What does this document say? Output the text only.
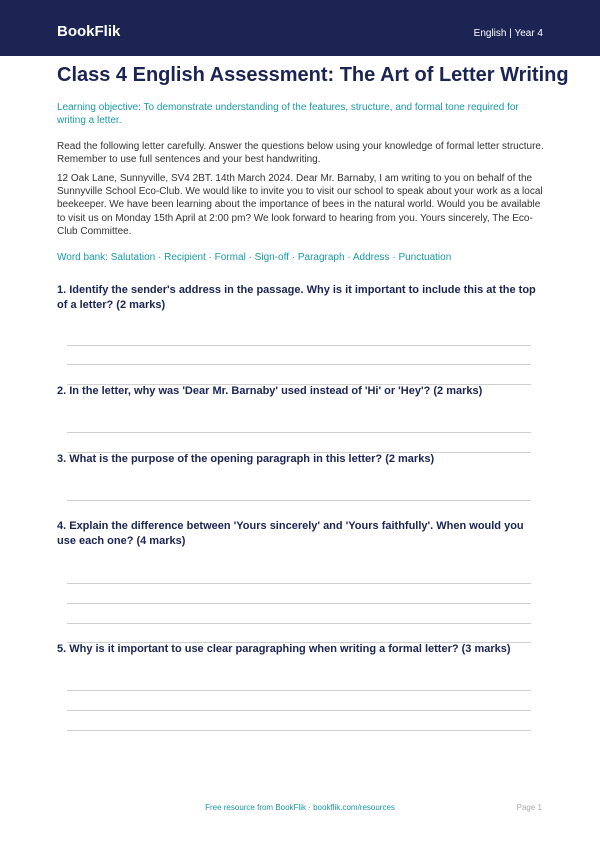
BookFlik	English | Year 4
Class 4 English Assessment: The Art of Letter Writing
Learning objective: To demonstrate understanding of the features, structure, and formal tone required for writing a letter.
Read the following letter carefully. Answer the questions below using your knowledge of formal letter structure. Remember to use full sentences and your best handwriting.
12 Oak Lane, Sunnyville, SV4 2BT. 14th March 2024. Dear Mr. Barnaby, I am writing to you on behalf of the Sunnyville School Eco-Club. We would like to invite you to visit our school to speak about your work as a local beekeeper. We have been learning about the importance of bees in the natural world. Would you be available to visit us on Monday 15th April at 2:00 pm? We look forward to hearing from you. Yours sincerely, The Eco-Club Committee.
Word bank: Salutation · Recipient · Formal · Sign-off · Paragraph · Address · Punctuation
1. Identify the sender's address in the passage. Why is it important to include this at the top of a letter? (2 marks)
2. In the letter, why was 'Dear Mr. Barnaby' used instead of 'Hi' or 'Hey'? (2 marks)
3. What is the purpose of the opening paragraph in this letter? (2 marks)
4. Explain the difference between 'Yours sincerely' and 'Yours faithfully'. When would you use each one? (4 marks)
5. Why is it important to use clear paragraphing when writing a formal letter? (3 marks)
Free resource from BookFlik · bookflik.com/resources	Page 1
